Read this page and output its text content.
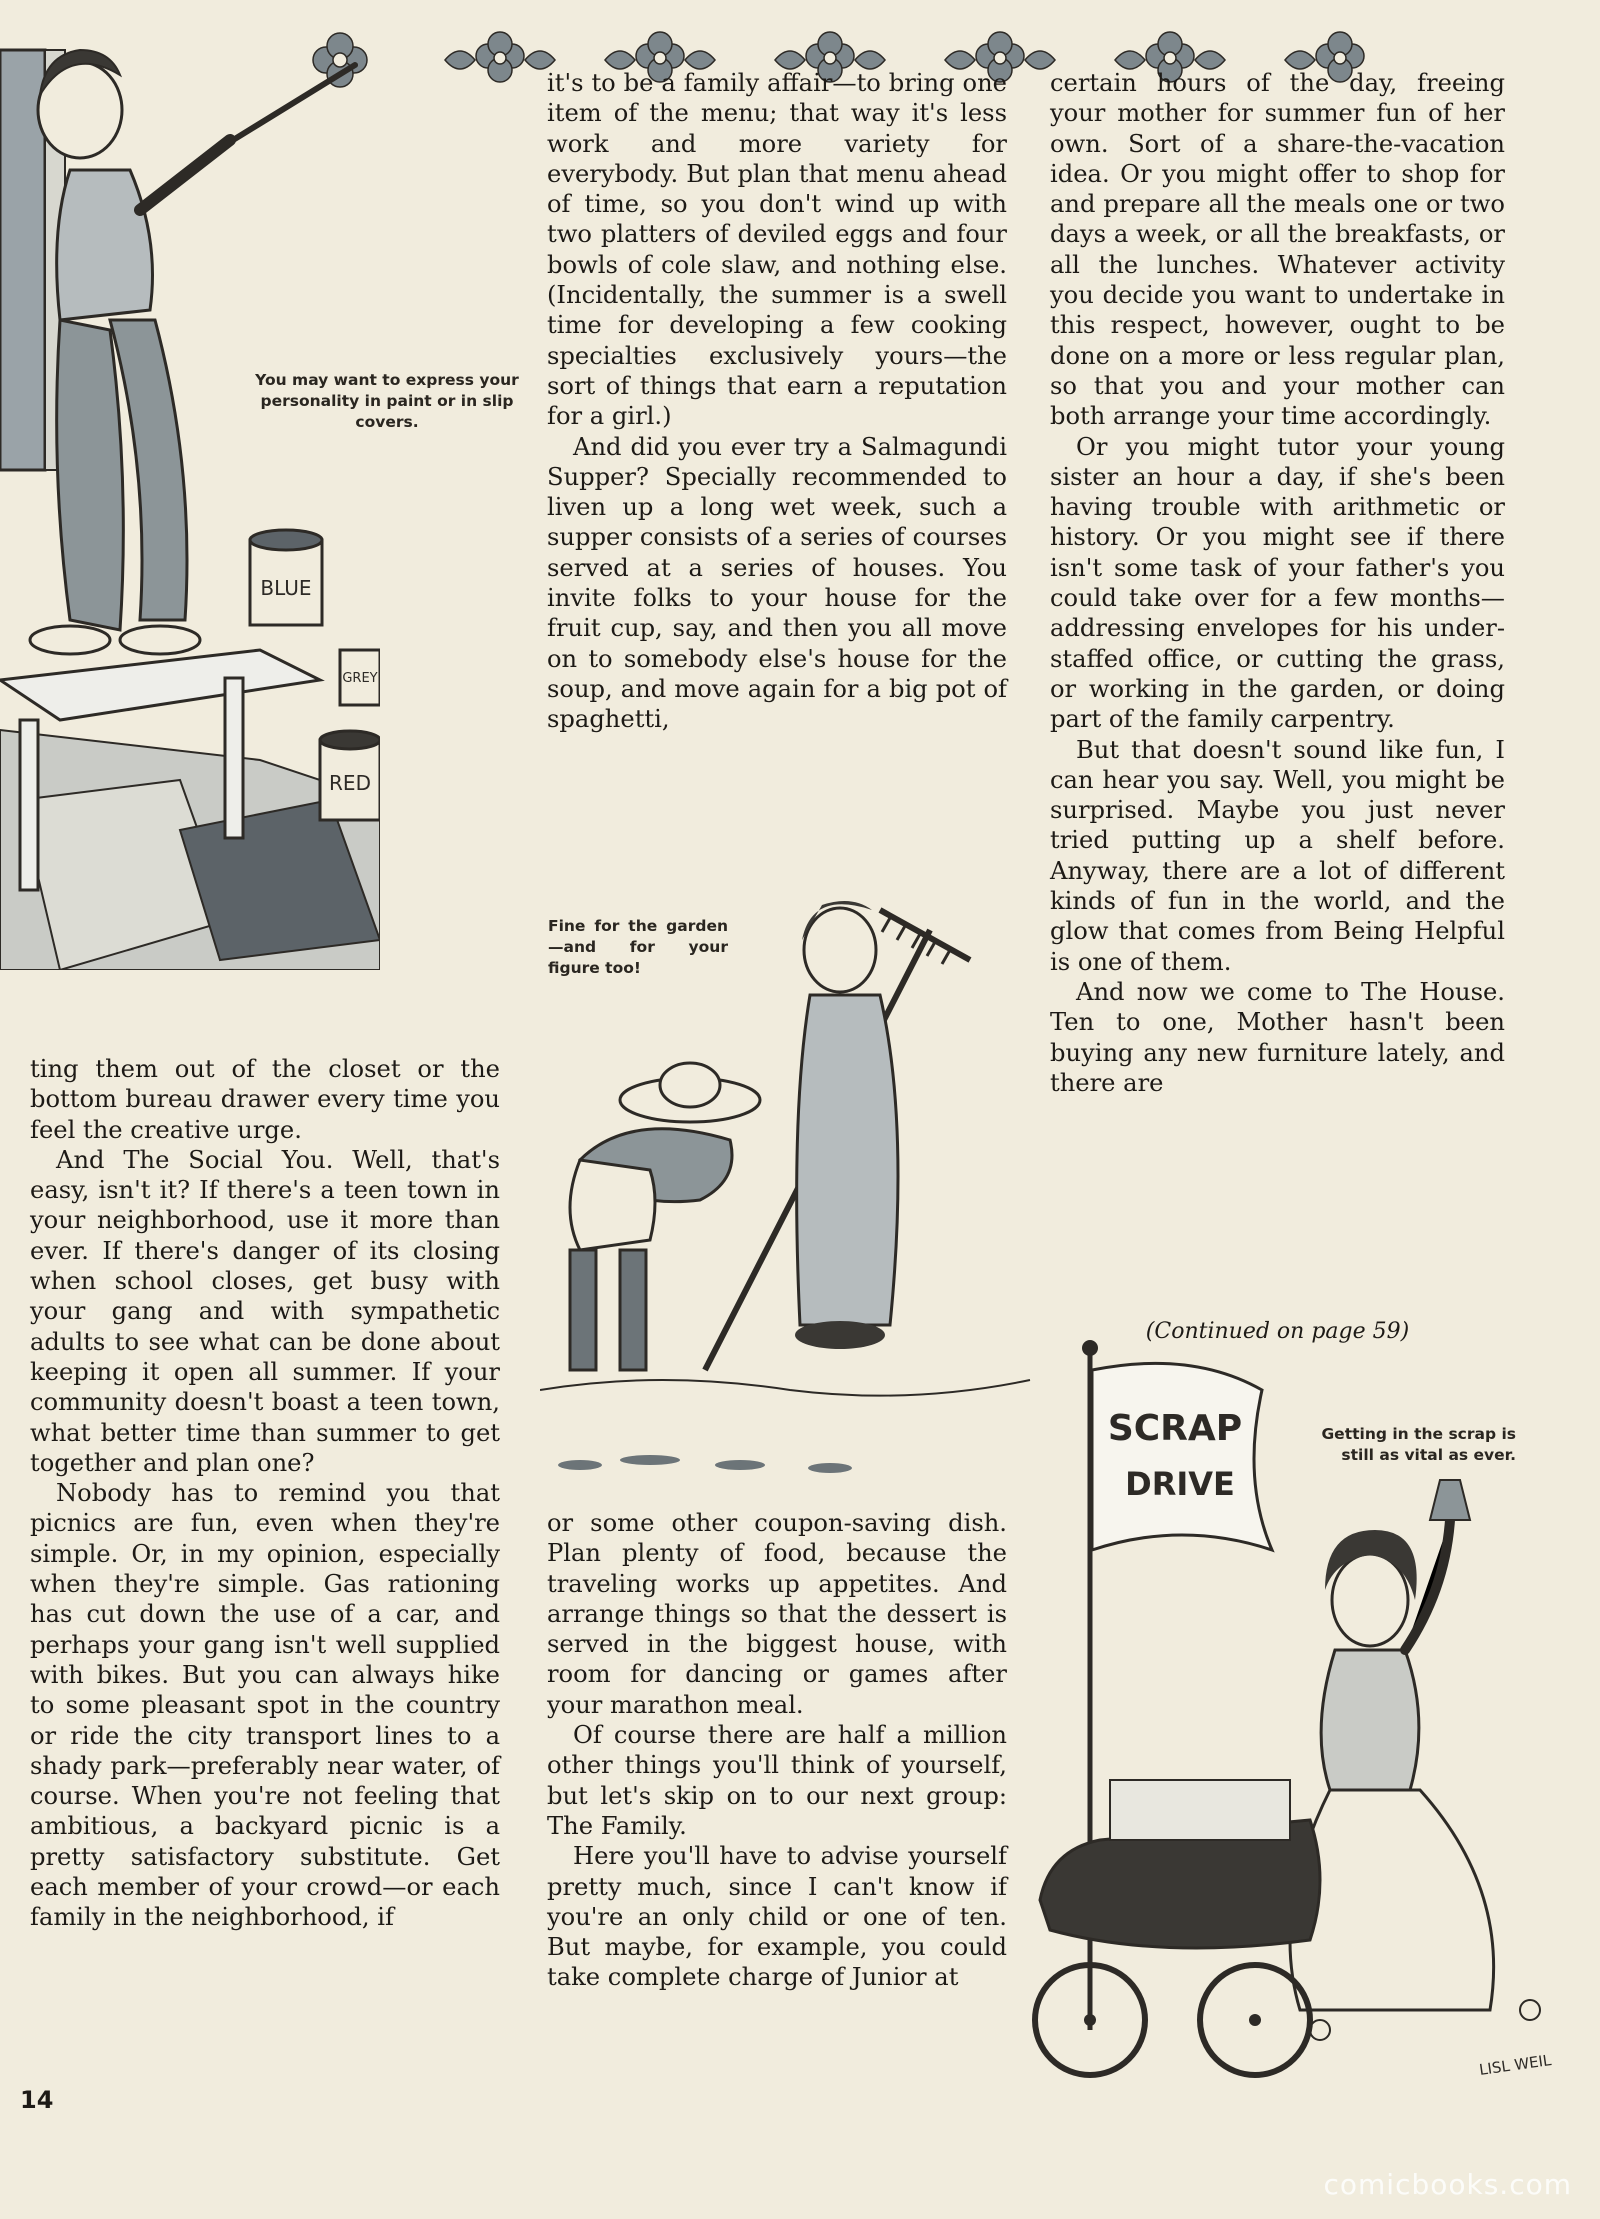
BLUE
GREY
RED
SCRAP
DRIVE
LISL WEIL
You may want to express your personality in paint or in slip covers.
Fine for the garden—and for your figure too!
Getting in the scrap is still as vital as ever.

ting them out of the closet or the bottom bureau drawer every time you feel the creative urge.

And The Social You. Well, that's easy, isn't it? If there's a teen town in your neighborhood, use it more than ever. If there's danger of its closing when school closes, get busy with your gang and with sympathetic adults to see what can be done about keeping it open all summer. If your community doesn't boast a teen town, what better time than summer to get together and plan one?

Nobody has to remind you that picnics are fun, even when they're simple. Or, in my opinion, especially when they're simple. Gas rationing has cut down the use of a car, and perhaps your gang isn't well supplied with bikes. But you can always hike to some pleasant spot in the country or ride the city transport lines to a shady park—preferably near water, of course. When you're not feeling that ambitious, a backyard picnic is a pretty satisfactory substitute. Get each member of your crowd—or each family in the neighborhood, if

it's to be a family affair—to bring one item of the menu; that way it's less work and more variety for everybody. But plan that menu ahead of time, so you don't wind up with two platters of deviled eggs and four bowls of cole slaw, and nothing else. (Incidentally, the summer is a swell time for developing a few cooking specialties exclusively yours—the sort of things that earn a reputation for a girl.)

And did you ever try a Salmagundi Supper? Specially recommended to liven up a long wet week, such a supper consists of a series of courses served at a series of houses. You invite folks to your house for the fruit cup, say, and then you all move on to somebody else's house for the soup, and move again for a big pot of spaghetti,

or some other coupon-saving dish. Plan plenty of food, because the traveling works up appetites. And arrange things so that the dessert is served in the biggest house, with room for dancing or games after your marathon meal.

Of course there are half a million other things you'll think of yourself, but let's skip on to our next group: The Family.

Here you'll have to advise yourself pretty much, since I can't know if you're an only child or one of ten. But maybe, for example, you could take complete charge of Junior at

certain hours of the day, freeing your mother for summer fun of her own. Sort of a share-the-vacation idea. Or you might offer to shop for and prepare all the meals one or two days a week, or all the breakfasts, or all the lunches. Whatever activity you decide you want to undertake in this respect, however, ought to be done on a more or less regular plan, so that you and your mother can both arrange your time accordingly.

Or you might tutor your young sister an hour a day, if she's been having trouble with arithmetic or history. Or you might see if there isn't some task of your father's you could take over for a few months—addressing envelopes for his under-staffed office, or cutting the grass, or working in the garden, or doing part of the family carpentry.

But that doesn't sound like fun, I can hear you say. Well, you might be surprised. Maybe you just never tried putting up a shelf before. Anyway, there are a lot of different kinds of fun in the world, and the glow that comes from Being Helpful is one of them.

And now we come to The House. Ten to one, Mother hasn't been buying any new furniture lately, and there are

(Continued on page 59)
14
comicbooks.com
